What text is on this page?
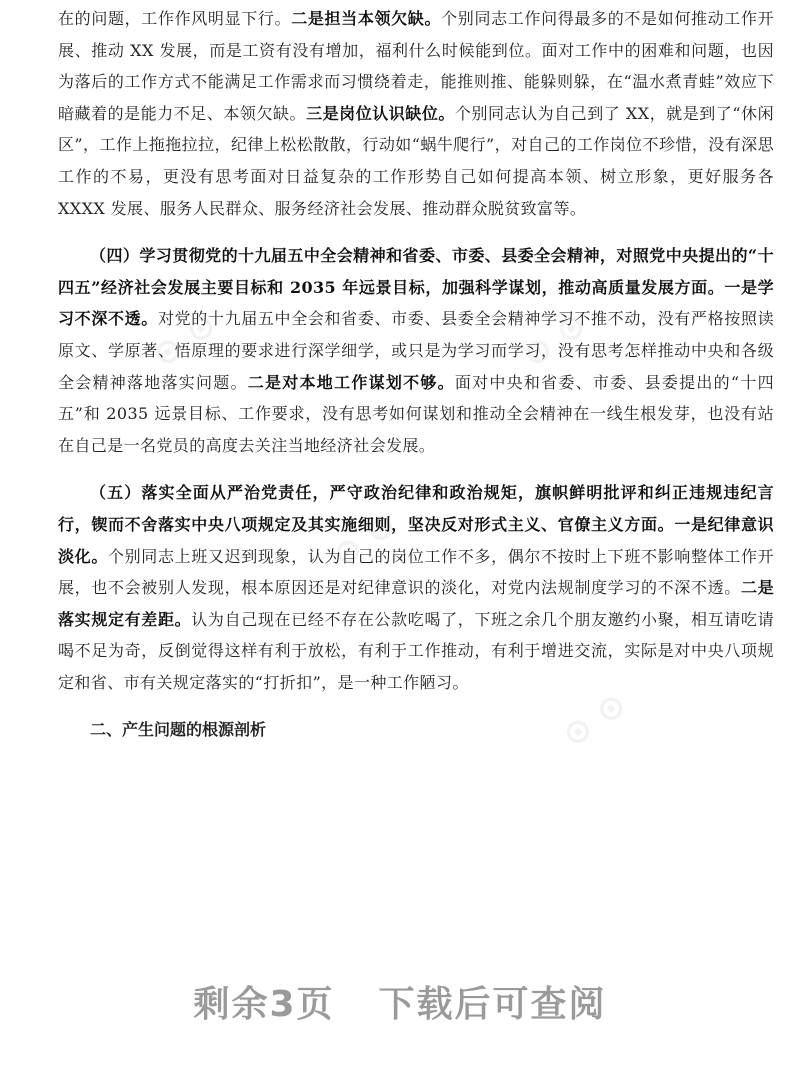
在的问题，工作作风明显下行。二是担当本领欠缺。个别同志工作问得最多的不是如何推动工作开展、推动 XX 发展，而是工资有没有增加，福利什么时候能到位。面对工作中的困难和问题，也因为落后的工作方式不能满足工作需求而习惯绕着走，能推则推、能躲则躲，在“温水煮青蛙”效应下暗藏着的是能力不足、本领欠缺。三是岗位认识缺位。个别同志认为自己到了 XX，就是到了“休闲区”，工作上拖拖拉拉，纪律上松松散散，行动如“蜗牛爬行”，对自己的工作岗位不珍惜，没有深思工作的不易，更没有思考面对日益复杂的工作形势自己如何提高本领、树立形象，更好服务各 XXXX 发展、服务人民群众、服务经济社会发展、推动群众脱贫致富等。

（四）学习贯彻党的十九届五中全会精神和省委、市委、县委全会精神，对照党中央提出的“十四五”经济社会发展主要目标和 2035 年远景目标，加强科学谋划，推动高质量发展方面。一是学习不深不透。对党的十九届五中全会和省委、市委、县委全会精神学习不推不动，没有严格按照读原文、学原著、悟原理的要求进行深学细学，或只是为学习而学习，没有思考怎样推动中央和各级全会精神落地落实问题。二是对本地工作谋划不够。面对中央和省委、市委、县委提出的“十四五”和 2035 远景目标、工作要求，没有思考如何谋划和推动全会精神在一线生根发芽，也没有站在自己是一名党员的高度去关注当地经济社会发展。

（五）落实全面从严治党责任，严守政治纪律和政治规矩，旗帜鲜明批评和纠正违规违纪言行，锲而不舍落实中央八项规定及其实施细则，坚决反对形式主义、官僚主义方面。一是纪律意识淡化。个别同志上班又迟到现象，认为自己的岗位工作不多，偶尔不按时上下班不影响整体工作开展，也不会被别人发现，根本原因还是对纪律意识的淡化，对党内法规制度学习的不深不透。二是落实规定有差距。认为自己现在已经不存在公款吃喝了，下班之余几个朋友邀约小聚，相互请吃请喝不足为奇，反倒觉得这样有利于放松，有利于工作推动，有利于增进交流，实际是对中央八项规定和省、市有关规定落实的“打折扣”，是一种工作陋习。

二、产生问题的根源剖析

⊙ ⊙	⊙ ⊙
⊙ ⊙
⊙ ⊙
剩余3页 下载后可查阅
